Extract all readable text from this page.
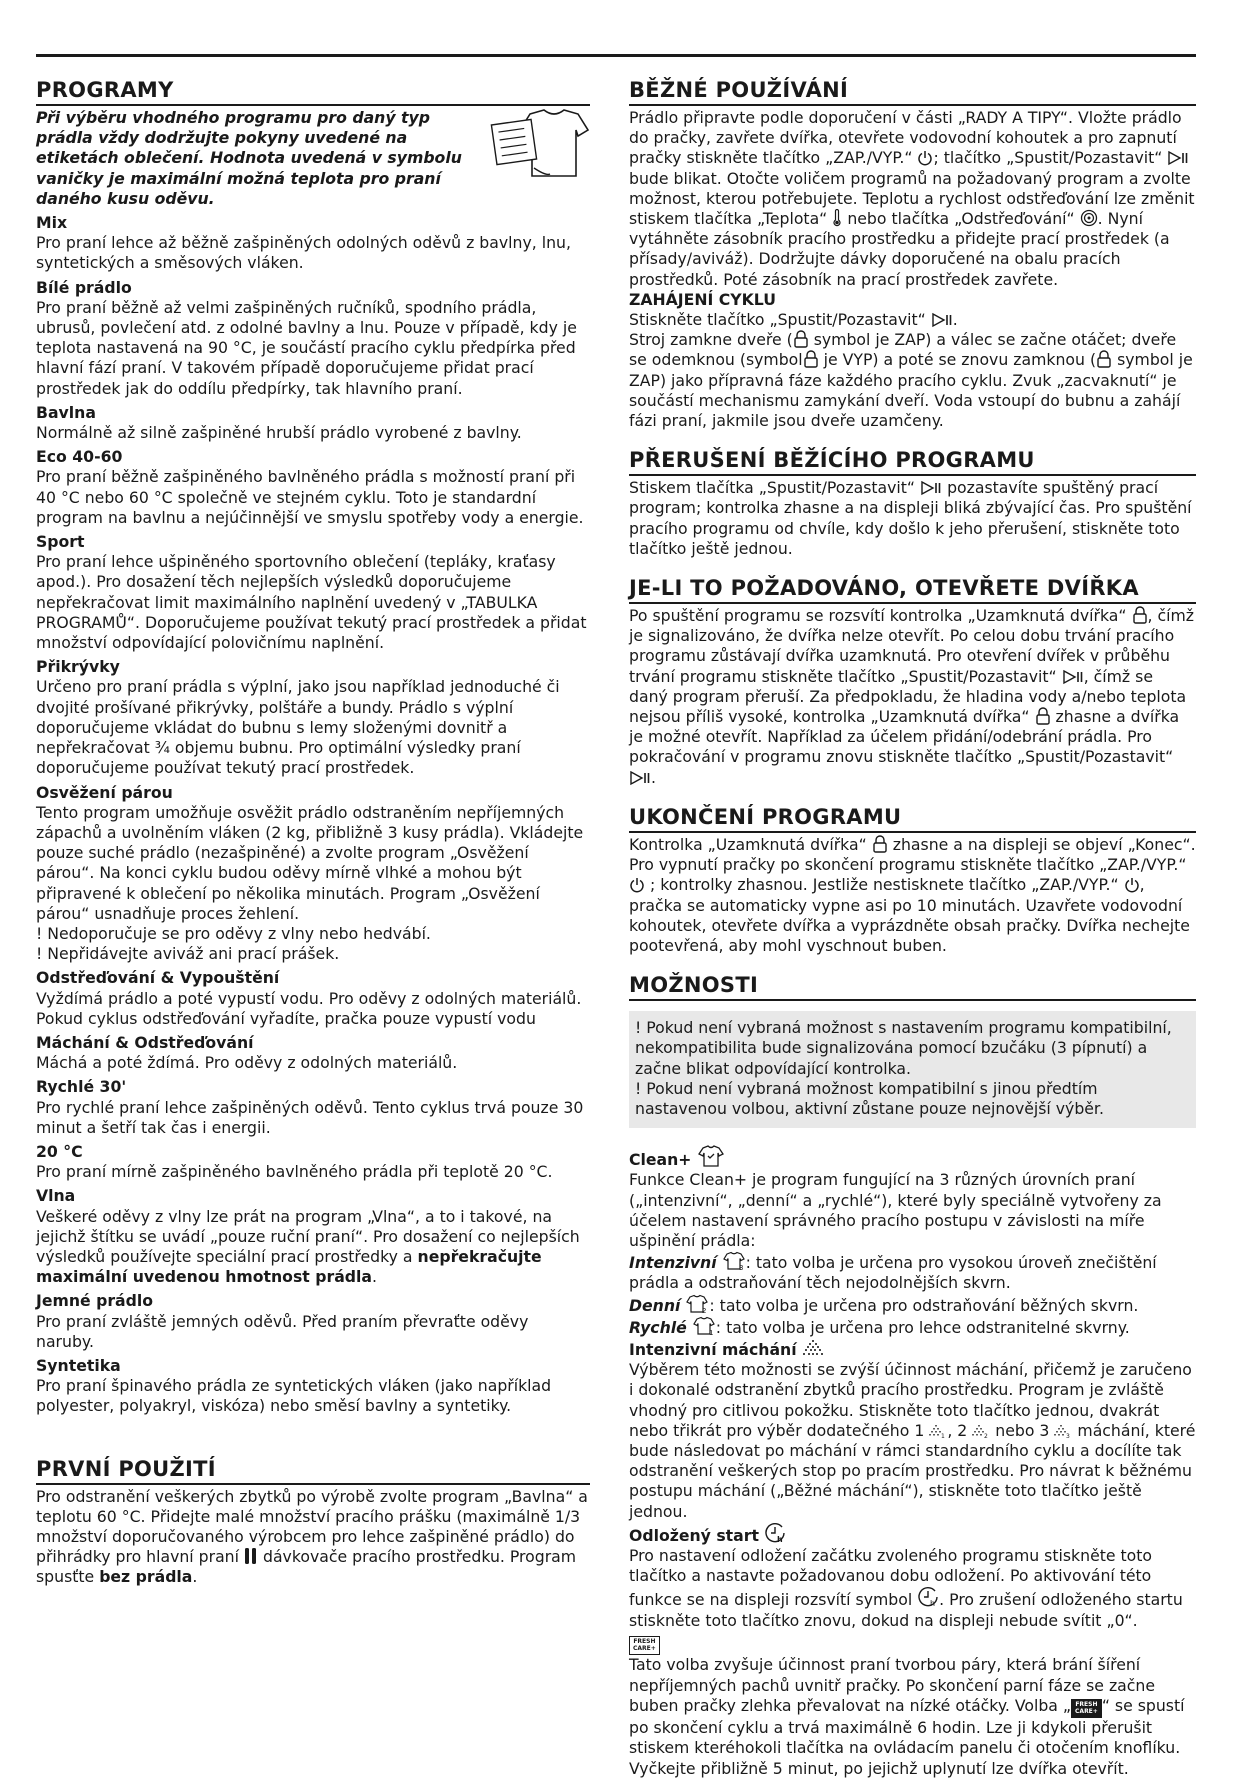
PROGRAMY

Při výběru vhodného programu pro daný typ prádla vždy dodržujte pokyny uvedené na etiketách oblečení. Hodnota uvedená v symbolu vaničky je maximální možná teplota pro praní daného kusu oděvu.

Mix

Pro praní lehce až běžně zašpiněných odolných oděvů z bavlny, lnu, syntetických a směsových vláken.

Bílé prádlo

Pro praní běžně až velmi zašpiněných ručníků, spodního prádla, ubrusů, povlečení atd. z odolné bavlny a lnu. Pouze v případě, kdy je teplota nastavená na 90 °C, je součástí pracího cyklu předpírka před hlavní fází praní. V takovém případě doporučujeme přidat prací prostředek jak do oddílu předpírky, tak hlavního praní.

Bavlna

Normálně až silně zašpiněné hrubší prádlo vyrobené z bavlny.

Eco 40-60

Pro praní běžně zašpiněného bavlněného prádla s možností praní při 40 °C nebo 60 °C společně ve stejném cyklu. Toto je standardní program na bavlnu a nejúčinnější ve smyslu spotřeby vody a energie.

Sport

Pro praní lehce ušpiněného sportovního oblečení (tepláky, kraťasy apod.). Pro dosažení těch nejlepších výsledků doporučujeme nepřekračovat limit maximálního naplnění uvedený v „TABULKA PROGRAMŮ“. Doporučujeme používat tekutý prací prostředek a přidat množství odpovídající polovičnímu naplnění.

Přikrývky

Určeno pro praní prádla s výplní, jako jsou například jednoduché či dvojité prošívané přikrývky, polštáře a bundy. Prádlo s výplní doporučujeme vkládat do bubnu s lemy složenými dovnitř a nepřekračovat ¾ objemu bubnu. Pro optimální výsledky praní doporučujeme používat tekutý prací prostředek.

Osvěžení párou

Tento program umožňuje osvěžit prádlo odstraněním nepříjemných zápachů a uvolněním vláken (2 kg, přibližně 3 kusy prádla). Vkládejte pouze suché prádlo (nezašpiněné) a zvolte program „Osvěžení párou“. Na konci cyklu budou oděvy mírně vlhké a mohou být připravené k oblečení po několika minutách. Program „Osvěžení párou“ usnadňuje proces žehlení.

! Nedoporučuje se pro oděvy z vlny nebo hedvábí.

! Nepřidávejte aviváž ani prací prášek.

Odstřeďování & Vypouštění

Vyždímá prádlo a poté vypustí vodu. Pro oděvy z odolných materiálů. Pokud cyklus odstřeďování vyřadíte, pračka pouze vypustí vodu

Máchání & Odstřeďování

Máchá a poté ždímá. Pro oděvy z odolných materiálů.

Rychlé 30'

Pro rychlé praní lehce zašpiněných oděvů. Tento cyklus trvá pouze 30 minut a šetří tak čas i energii.

20 °C

Pro praní mírně zašpiněného bavlněného prádla při teplotě 20 °C.

Vlna

Veškeré oděvy z vlny lze prát na program „Vlna“, a to i takové, na jejichž štítku se uvádí „pouze ruční praní“. Pro dosažení co nejlepších výsledků používejte speciální prací prostředky a nepřekračujte maximální uvedenou hmotnost prádla.

Jemné prádlo

Pro praní zvláště jemných oděvů. Před praním převraťte oděvy naruby.

Syntetika

Pro praní špinavého prádla ze syntetických vláken (jako například polyester, polyakryl, viskóza) nebo směsí bavlny a syntetiky.

PRVNÍ POUŽITÍ

Pro odstranění veškerých zbytků po výrobě zvolte program „Bavlna“ a teplotu 60 °C. Přidejte malé množství pracího prášku (maximálně 1/3 množství doporučovaného výrobcem pro lehce zašpiněné prádlo) do přihrádky pro hlavní praní dávkovače pracího prostředku. Program spusťte bez prádla.

BĚŽNÉ POUŽÍVÁNÍ

Prádlo připravte podle doporučení v části „RADY A TIPY“. Vložte prádlo do pračky, zavřete dvířka, otevřete vodovodní kohoutek a pro zapnutí pračky stiskněte tlačítko „ZAP./VYP.“ ; tlačítko „Spustit/Pozastavit“  bude blikat. Otočte voličem programů na požadovaný program a zvolte možnost, kterou potřebujete. Teplotu a rychlost odstřeďování lze změnit stiskem tlačítka „Teplota“ nebo tlačítka „Odstřeďování“ . Nyní vytáhněte zásobník pracího prostředku a přidejte prací prostředek (a přísady/aviváž). Dodržujte dávky doporučené na obalu pracích prostředků. Poté zásobník na prací prostředek zavřete.

ZAHÁJENÍ CYKLU

Stiskněte tlačítko „Spustit/Pozastavit“ .
Stroj zamkne dveře ( symbol je ZAP) a válec se začne otáčet; dveře se odemknou (symbol je VYP) a poté se znovu zamknou ( symbol je ZAP) jako přípravná fáze každého pracího cyklu. Zvuk „zacvaknutí“ je součástí mechanismu zamykání dveří. Voda vstoupí do bubnu a zahájí fázi praní, jakmile jsou dveře uzamčeny.

PŘERUŠENÍ BĚŽÍCÍHO PROGRAMU

Stiskem tlačítka „Spustit/Pozastavit“ pozastavíte spuštěný prací program; kontrolka zhasne a na displeji bliká zbývající čas. Pro spuštění pracího programu od chvíle, kdy došlo k jeho přerušení, stiskněte toto tlačítko ještě jednou.

JE-LI TO POŽADOVÁNO, OTEVŘETE DVÍŘKA

Po spuštění programu se rozsvítí kontrolka „Uzamknutá dvířka“ , čímž je signalizováno, že dvířka nelze otevřít. Po celou dobu trvání pracího programu zůstávají dvířka uzamknutá. Pro otevření dvířek v průběhu trvání programu stiskněte tlačítko „Spustit/Pozastavit“ , čímž se daný program přeruší. Za předpokladu, že hladina vody a/nebo teplota nejsou příliš vysoké, kontrolka „Uzamknutá dvířka“ zhasne a dvířka je možné otevřít. Například za účelem přidání/odebrání prádla. Pro pokračování v programu znovu stiskněte tlačítko „Spustit/Pozastavit“ .

UKONČENÍ PROGRAMU

Kontrolka „Uzamknutá dvířka“ zhasne a na displeji se objeví „Konec“. Pro vypnutí pračky po skončení programu stiskněte tlačítko „ZAP./VYP.“  ; kontrolky zhasnou. Jestliže nestisknete tlačítko „ZAP./VYP.“ , pračka se automaticky vypne asi po 10 minutách. Uzavřete vodovodní kohoutek, otevřete dvířka a vyprázdněte obsah pračky. Dvířka nechejte pootevřená, aby mohl vyschnout buben.

MOŽNOSTI

! Pokud není vybraná možnost s nastavením programu kompatibilní, nekompatibilita bude signalizována pomocí bzučáku (3 pípnutí) a začne blikat odpovídající kontrolka.

! Pokud není vybraná možnost kompatibilní s jinou předtím nastavenou volbou, aktivní zůstane pouze nejnovější výběr.

Clean+

Funkce Clean+ je program fungující na 3 různých úrovních praní („intenzivní“, „denní“ a „rychlé“), které byly speciálně vytvořeny za účelem nastavení správného pracího postupu v závislosti na míře ušpinění prádla:

Intenzivní	3 : tato volba je určena pro vysokou úroveň znečištění prádla a odstraňování těch nejodolnějších skvrn.

Denní	2 : tato volba je určena pro odstraňování běžných skvrn.

Rychlé	1 : tato volba je určena pro lehce odstranitelné skvrny.

Intenzivní máchání

Výběrem této možnosti se zvýší účinnost máchání, přičemž je zaručeno i dokonalé odstranění zbytků pracího prostředku. Program je zvláště vhodný pro citlivou pokožku. Stiskněte toto tlačítko jednou, dvakrát nebo třikrát pro výběr dodatečného 1	1 , 2	2 nebo 3	3 máchání, které bude následovat po máchání v rámci standardního cyklu a docílíte tak odstranění veškerých stop po pracím prostředku. Pro návrat k běžnému postupu máchání („Běžné máchání“), stiskněte toto tlačítko ještě jednou.

Odložený start h

Pro nastavení odložení začátku zvoleného programu stiskněte toto tlačítko a nastavte požadovanou dobu odložení. Po aktivování této funkce se na displeji rozsvítí symbol h . Pro zrušení odloženého startu stiskněte toto tlačítko znovu, dokud na displeji nebude svítit „0“.

FRESH
CARE+

Tato volba zvyšuje účinnost praní tvorbou páry, která brání šíření nepříjemných pachů uvnitř pračky. Po skončení parní fáze se začne buben pračky zlehka převalovat na nízké otáčky. Volba „ FRESH
CARE+ “ se spustí po skončení cyklu a trvá maximálně 6 hodin. Lze ji kdykoli přerušit stiskem kteréhokoli tlačítka na ovládacím panelu či otočením knoflíku. Vyčkejte přibližně 5 minut, po jejichž uplynutí lze dvířka otevřít.
